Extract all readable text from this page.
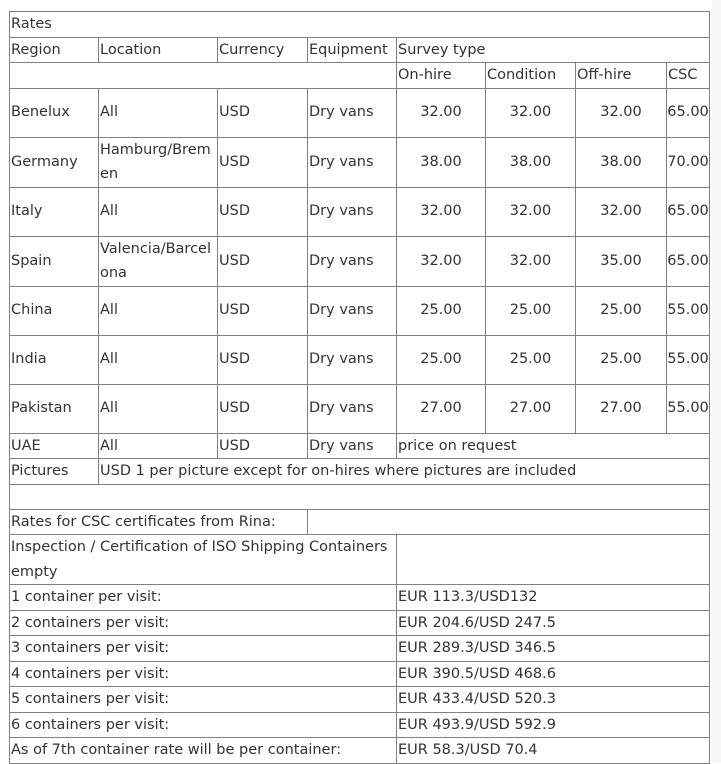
Rates							
Region	Location	Currency	Equipment	Survey type			
				On-hire	Condition	Off-hire	CSC
Benelux	All	USD	Dry vans	32.00	32.00	32.00	65.00
Germany	Hamburg/Bremen	USD	Dry vans	38.00	38.00	38.00	70.00
Italy	All	USD	Dry vans	32.00	32.00	32.00	65.00
Spain	Valencia/Barcelona	USD	Dry vans	32.00	32.00	35.00	65.00
China	All	USD	Dry vans	25.00	25.00	25.00	55.00
India	All	USD	Dry vans	25.00	25.00	25.00	55.00
Pakistan	All	USD	Dry vans	27.00	27.00	27.00	55.00
UAE	All	USD	Dry vans	price on request			
Pictures	USD 1 per picture except for on-hires where pictures are included						

Rates for CSC certificates from Rina:							
Inspection / Certification of ISO Shipping Containers empty							
1 container per visit:				EUR 113.3/USD132			
2 containers per visit:				EUR 204.6/USD 247.5			
3 containers per visit:				EUR 289.3/USD 346.5			
4 containers per visit:				EUR 390.5/USD 468.6			
5 containers per visit:				EUR 433.4/USD 520.3			
6 containers per visit:				EUR 493.9/USD 592.9			
As of 7th container rate will be per container:				EUR 58.3/USD 70.4			
